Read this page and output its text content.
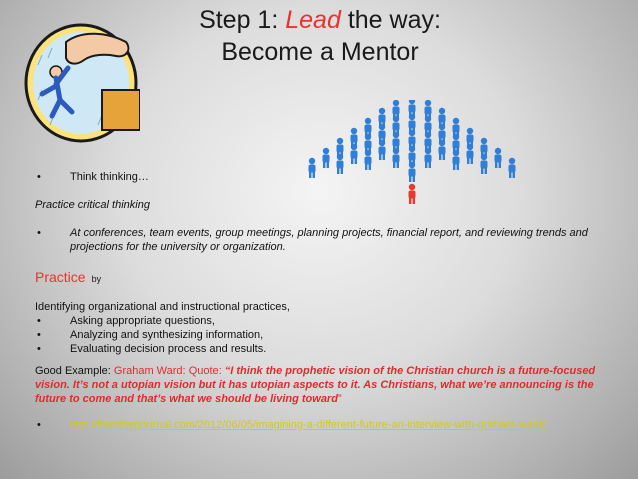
Step 1: Lead the way:
Become a Mentor
•	Think thinking…
Practice critical thinking
•	At conferences, team events, group meetings, planning projects, financial report, and reviewing trends and projections for the university or organization.
Practice by
Identifying organizational and instructional practices,
•	Asking appropriate questions,
•	Analyzing and synthesizing information,
•	Evaluating decision process and results.
Good Example: Graham Ward: Quote: “I think the prophetic vision of the Christian church is a future-focused vision. It’s not a utopian vision but it has utopian aspects to it. As Christians, what we’re announcing is the future to come and that’s what we should be living toward”
•	http://theotherjournal.com/2012/06/05/imagining-a-different-future-an-interview-with-graham-ward/
